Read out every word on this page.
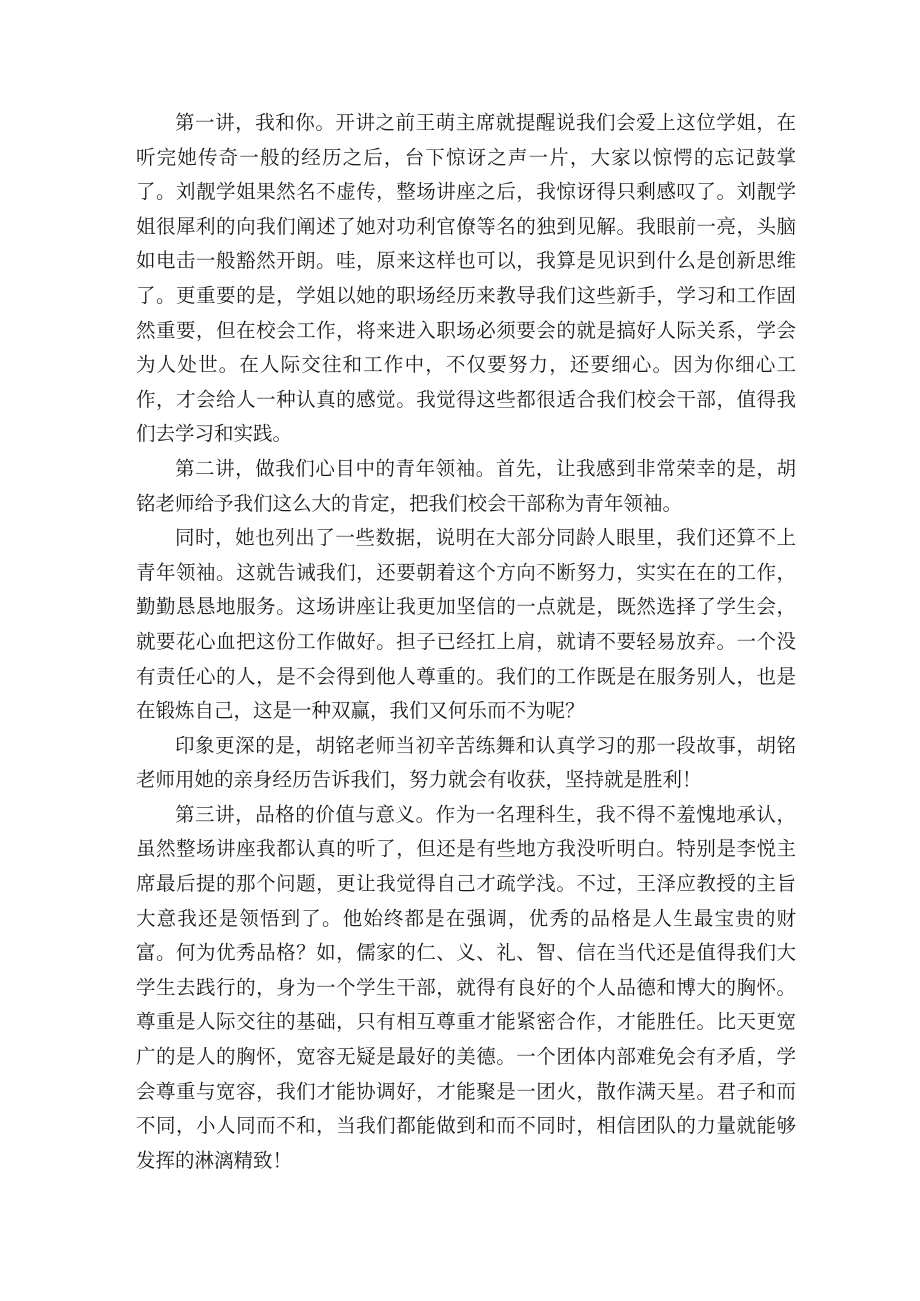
第一讲，我和你。开讲之前王萌主席就提醒说我们会爱上这位学姐，在听完她传奇一般的经历之后，台下惊讶之声一片，大家以惊愕的忘记鼓掌了。刘靓学姐果然名不虚传，整场讲座之后，我惊讶得只剩感叹了。刘靓学姐很犀利的向我们阐述了她对功利官僚等名的独到见解。我眼前一亮，头脑如电击一般豁然开朗。哇，原来这样也可以，我算是见识到什么是创新思维了。更重要的是，学姐以她的职场经历来教导我们这些新手，学习和工作固然重要，但在校会工作，将来进入职场必须要会的就是搞好人际关系，学会为人处世。在人际交往和工作中，不仅要努力，还要细心。因为你细心工作，才会给人一种认真的感觉。我觉得这些都很适合我们校会干部，值得我们去学习和实践。

第二讲，做我们心目中的青年领袖。首先，让我感到非常荣幸的是，胡铭老师给予我们这么大的肯定，把我们校会干部称为青年领袖。

同时，她也列出了一些数据，说明在大部分同龄人眼里，我们还算不上青年领袖。这就告诫我们，还要朝着这个方向不断努力，实实在在的工作，勤勤恳恳地服务。这场讲座让我更加坚信的一点就是，既然选择了学生会，就要花心血把这份工作做好。担子已经扛上肩，就请不要轻易放弃。一个没有责任心的人，是不会得到他人尊重的。我们的工作既是在服务别人，也是在锻炼自己，这是一种双赢，我们又何乐而不为呢？

印象更深的是，胡铭老师当初辛苦练舞和认真学习的那一段故事，胡铭老师用她的亲身经历告诉我们，努力就会有收获，坚持就是胜利！

第三讲，品格的价值与意义。作为一名理科生，我不得不羞愧地承认，虽然整场讲座我都认真的听了，但还是有些地方我没听明白。特别是李悦主席最后提的那个问题，更让我觉得自己才疏学浅。不过，王泽应教授的主旨大意我还是领悟到了。他始终都是在强调，优秀的品格是人生最宝贵的财富。何为优秀品格？如，儒家的仁、义、礼、智、信在当代还是值得我们大学生去践行的，身为一个学生干部，就得有良好的个人品德和博大的胸怀。尊重是人际交往的基础，只有相互尊重才能紧密合作，才能胜任。比天更宽广的是人的胸怀，宽容无疑是最好的美德。一个团体内部难免会有矛盾，学会尊重与宽容，我们才能协调好，才能聚是一团火，散作满天星。君子和而不同，小人同而不和，当我们都能做到和而不同时，相信团队的力量就能够发挥的淋漓精致！
